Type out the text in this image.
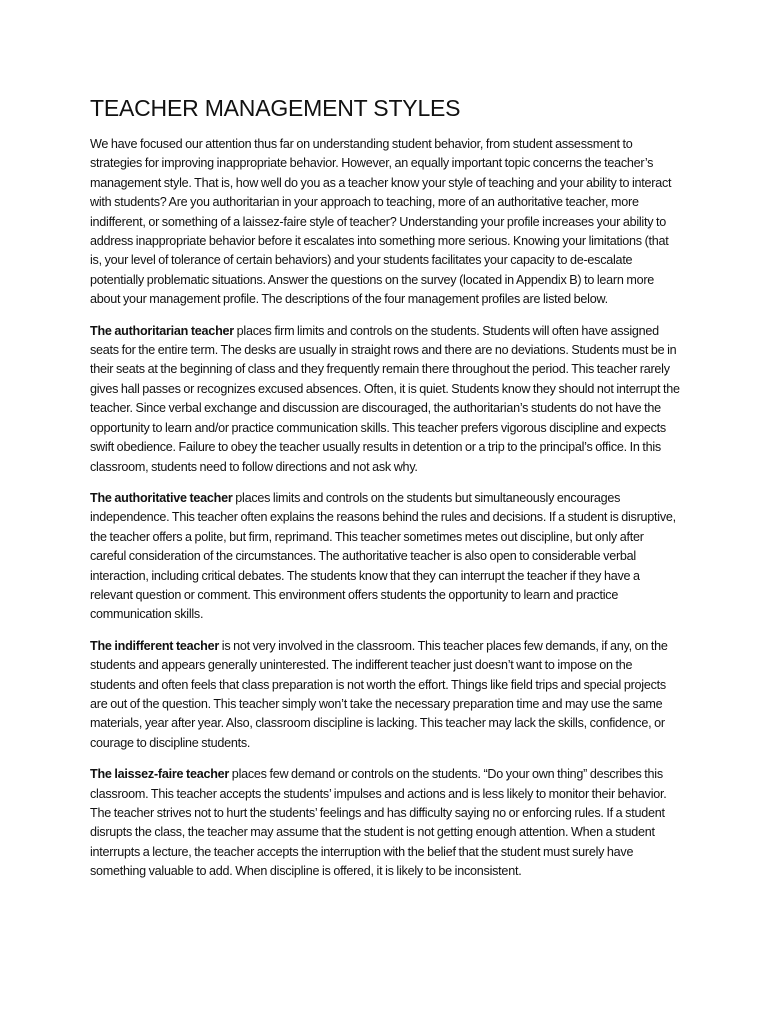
TEACHER MANAGEMENT STYLES

We have focused our attention thus far on understanding student behavior, from student assessment to strategies for improving inappropriate behavior. However, an equally important topic concerns the teacher’s management style. That is, how well do you as a teacher know your style of teaching and your ability to interact with students? Are you authoritarian in your approach to teaching, more of an authoritative teacher, more indifferent, or something of a laissez-faire style of teacher? Understanding your profile increases your ability to address inappropriate behavior before it escalates into something more serious. Knowing your limitations (that is, your level of tolerance of certain behaviors) and your students facilitates your capacity to de-escalate potentially problematic situations. Answer the questions on the survey (located in Appendix B) to learn more about your management profile. The descriptions of the four management profiles are listed below.

The authoritarian teacher places firm limits and controls on the students. Students will often have assigned seats for the entire term. The desks are usually in straight rows and there are no deviations. Students must be in their seats at the beginning of class and they frequently remain there throughout the period. This teacher rarely gives hall passes or recognizes excused absences. Often, it is quiet. Students know they should not interrupt the teacher. Since verbal exchange and discussion are discouraged, the authoritarian’s students do not have the opportunity to learn and/or practice communication skills. This teacher prefers vigorous discipline and expects swift obedience. Failure to obey the teacher usually results in detention or a trip to the principal’s office. In this classroom, students need to follow directions and not ask why.

The authoritative teacher places limits and controls on the students but simultaneously encourages independence. This teacher often explains the reasons behind the rules and decisions. If a student is disruptive, the teacher offers a polite, but firm, reprimand. This teacher sometimes metes out discipline, but only after careful consideration of the circumstances. The authoritative teacher is also open to considerable verbal interaction, including critical debates. The students know that they can interrupt the teacher if they have a relevant question or comment. This environment offers students the opportunity to learn and practice communication skills.

The indifferent teacher is not very involved in the classroom. This teacher places few demands, if any, on the students and appears generally uninterested. The indifferent teacher just doesn’t want to impose on the students and often feels that class preparation is not worth the effort. Things like field trips and special projects are out of the question. This teacher simply won’t take the necessary preparation time and may use the same materials, year after year. Also, classroom discipline is lacking. This teacher may lack the skills, confidence, or courage to discipline students.

The laissez-faire teacher places few demand or controls on the students. “Do your own thing” describes this classroom. This teacher accepts the students’ impulses and actions and is less likely to monitor their behavior. The teacher strives not to hurt the students’ feelings and has difficulty saying no or enforcing rules. If a student disrupts the class, the teacher may assume that the student is not getting enough attention. When a student interrupts a lecture, the teacher accepts the interruption with the belief that the student must surely have something valuable to add. When discipline is offered, it is likely to be inconsistent.
